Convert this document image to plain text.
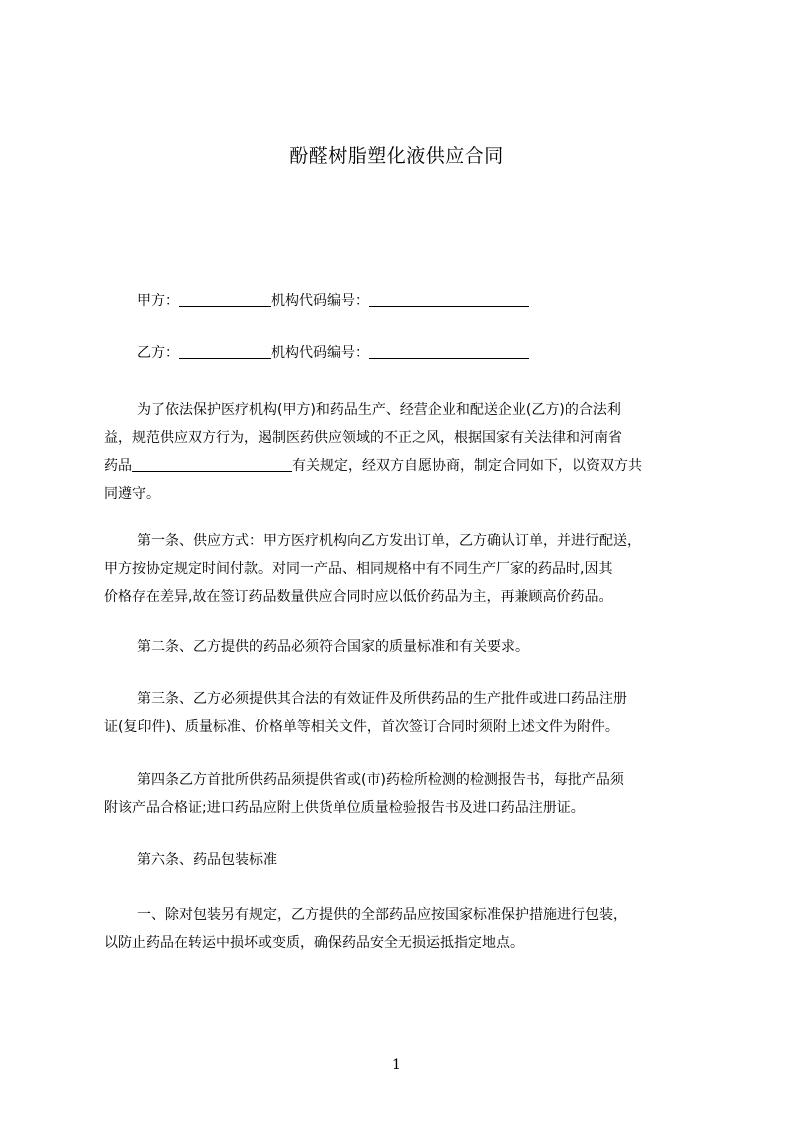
酚醛树脂塑化液供应合同
甲方：	机构代码编号：
乙方：	机构代码编号：
为了依法保护医疗机构(甲方)和药品生产、经营企业和配送企业(乙方)的合法利
益，规范供应双方行为，遏制医药供应领域的不正之风，根据国家有关法律和河南省
药品	有关规定，经双方自愿协商，制定合同如下，以资双方共
同遵守。
第一条、供应方式：甲方医疗机构向乙方发出订单，乙方确认订单，并进行配送，
甲方按协定规定时间付款。对同一产品、相同规格中有不同生产厂家的药品时,因其
价格存在差异,故在签订药品数量供应合同时应以低价药品为主，再兼顾高价药品。
第二条、乙方提供的药品必须符合国家的质量标准和有关要求。
第三条、乙方必须提供其合法的有效证件及所供药品的生产批件或进口药品注册
证(复印件)、质量标准、价格单等相关文件，首次签订合同时须附上述文件为附件。
第四条乙方首批所供药品须提供省或(市)药检所检测的检测报告书，每批产品须
附该产品合格证;进口药品应附上供货单位质量检验报告书及进口药品注册证。
第六条、药品包装标准
一、除对包装另有规定，乙方提供的全部药品应按国家标准保护措施进行包装，
以防止药品在转运中损坏或变质，确保药品安全无损运抵指定地点。
1
